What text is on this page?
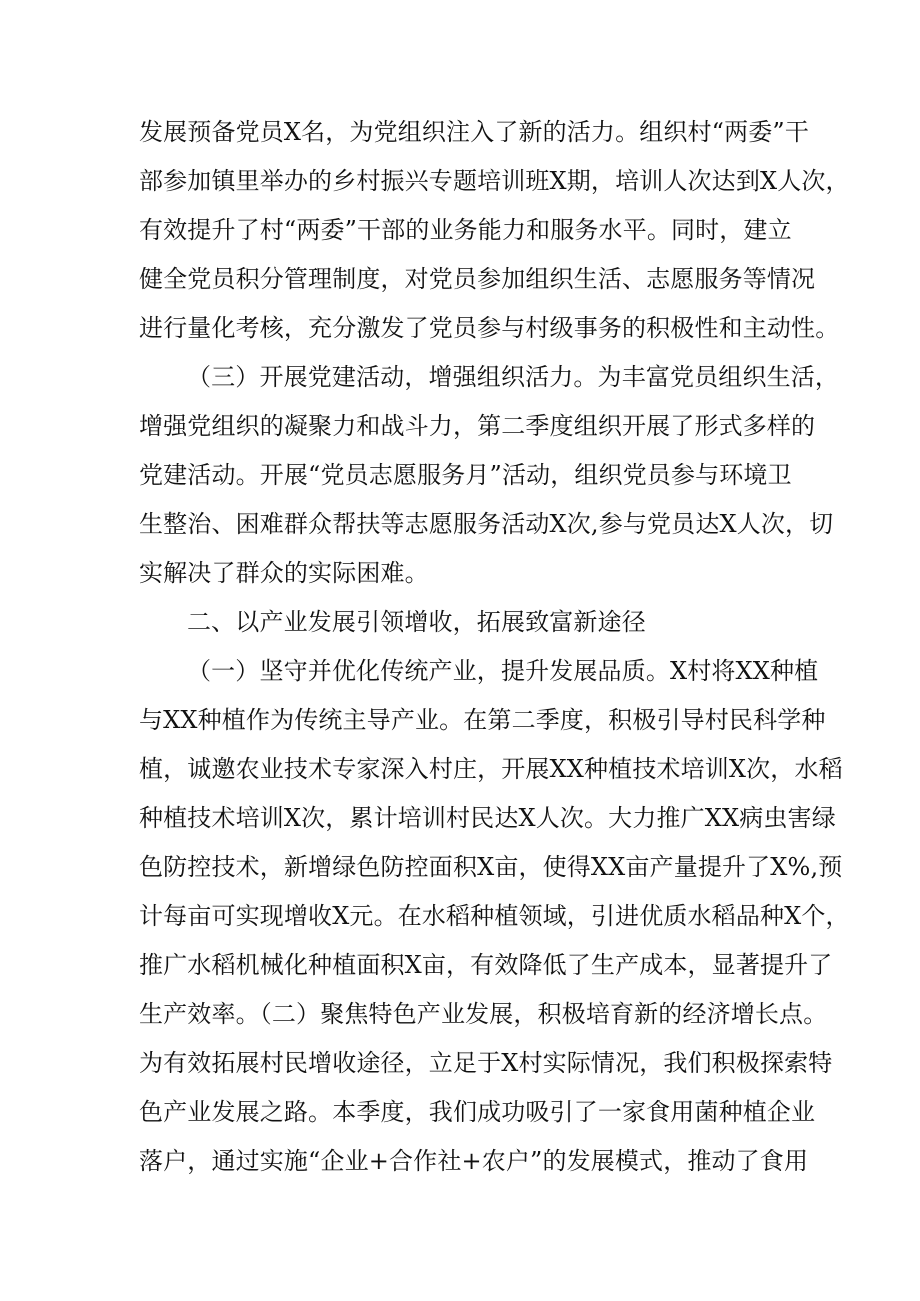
发展预备党员X名，为党组织注入了新的活力。组织村“两委”干
部参加镇里举办的乡村振兴专题培训班X期，培训人次达到X人次，
有效提升了村“两委”干部的业务能力和服务水平。同时，建立
健全党员积分管理制度，对党员参加组织生活、志愿服务等情况
进行量化考核，充分激发了党员参与村级事务的积极性和主动性。
（三）开展党建活动，增强组织活力。为丰富党员组织生活，
增强党组织的凝聚力和战斗力，第二季度组织开展了形式多样的
党建活动。开展“党员志愿服务月”活动，组织党员参与环境卫
生整治、困难群众帮扶等志愿服务活动X次,参与党员达X人次，切
实解决了群众的实际困难。
二、以产业发展引领增收，拓展致富新途径
（一）坚守并优化传统产业，提升发展品质。X村将XX种植
与XX种植作为传统主导产业。在第二季度，积极引导村民科学种
植，诚邀农业技术专家深入村庄，开展XX种植技术培训X次，水稻
种植技术培训X次，累计培训村民达X人次。大力推广XX病虫害绿
色防控技术，新增绿色防控面积X亩，使得XX亩产量提升了X%,预
计每亩可实现增收X元。在水稻种植领域，引进优质水稻品种X个，
推广水稻机械化种植面积X亩，有效降低了生产成本，显著提升了
生产效率。（二）聚焦特色产业发展，积极培育新的经济增长点。
为有效拓展村民增收途径，立足于X村实际情况，我们积极探索特
色产业发展之路。本季度，我们成功吸引了一家食用菌种植企业
落户，通过实施“企业+合作社+农户”的发展模式，推动了食用
